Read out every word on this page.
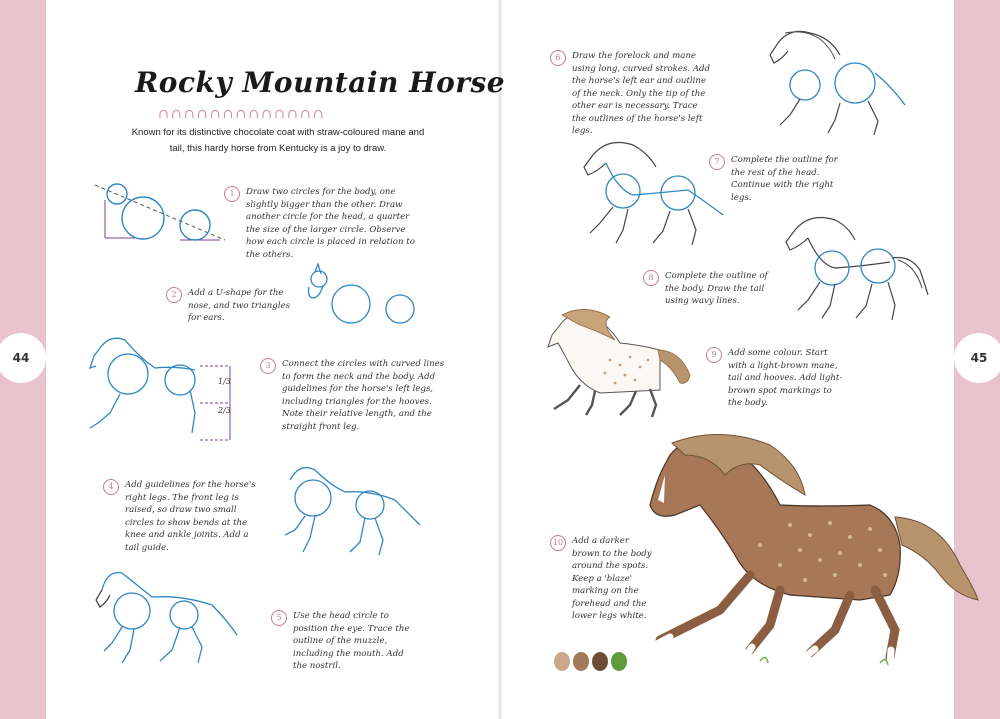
44	45
Rocky Mountain Horse
∩∩∩∩∩∩∩∩∩∩∩∩∩
Known for its distinctive chocolate coat with straw-coloured mane and tail, this hardy horse from Kentucky is a joy to draw.
1/3
2/3
1	Draw two circles for the body, one slightly bigger than the other. Draw another circle for the head, a quarter the size of the larger circle. Observe how each circle is placed in relation to the others.
2	Add a U-shape for the nose, and two triangles for ears.
3	Connect the circles with curved lines to form the neck and the body. Add guidelines for the horse's left legs, including triangles for the hooves. Note their relative length, and the straight front leg.
4	Add guidelines for the horse's right legs. The front leg is raised, so draw two small circles to show bends at the knee and ankle joints. Add a tail guide.
5	Use the head circle to position the eye. Trace the outline of the muzzle, including the mouth. Add the nostril.
6	Draw the forelock and mane using long, curved strokes. Add the horse's left ear and outline of the neck. Only the tip of the other ear is necessary. Trace the outlines of the horse's left legs.
7	Complete the outline for the rest of the head. Continue with the right legs.
8	Complete the outline of the body. Draw the tail using wavy lines.
9	Add some colour. Start with a light-brown mane, tail and hooves. Add light-brown spot markings to the body.
10	Add a darker brown to the body around the spots. Keep a 'blaze' marking on the forehead and the lower legs white.
